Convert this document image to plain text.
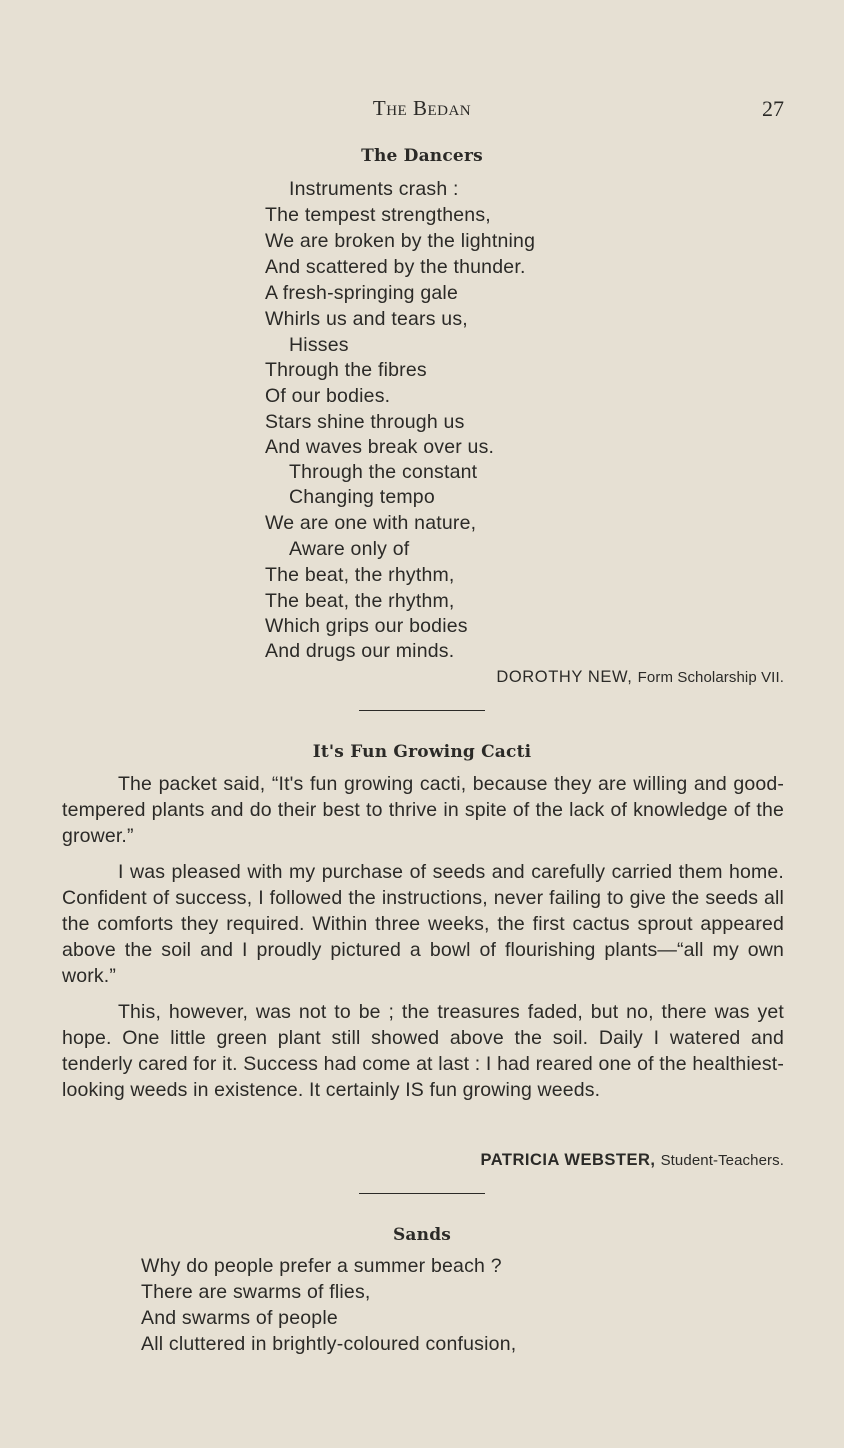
The Bedan	27
The Dancers
Instruments crash :
The tempest strengthens,
We are broken by the lightning
And scattered by the thunder.
A fresh-springing gale
Whirls us and tears us,
Hisses
Through the fibres
Of our bodies.
Stars shine through us
And waves break over us.
Through the constant
Changing tempo
We are one with nature,
Aware only of
The beat, the rhythm,
The beat, the rhythm,
Which grips our bodies
And drugs our minds.
DOROTHY NEW, Form Scholarship VII.
It's Fun Growing Cacti

The packet said, “It's fun growing cacti, because they are willing and good-tempered plants and do their best to thrive in spite of the lack of knowledge of the grower.”

I was pleased with my purchase of seeds and carefully carried them home. Confident of success, I followed the instructions, never failing to give the seeds all the comforts they required. Within three weeks, the first cactus sprout appeared above the soil and I proudly pictured a bowl of flourishing plants—“all my own work.”

This, however, was not to be ; the treasures faded, but no, there was yet hope. One little green plant still showed above the soil. Daily I watered and tenderly cared for it. Success had come at last : I had reared one of the healthiest-looking weeds in existence. It certainly IS fun growing weeds.

PATRICIA WEBSTER, Student-Teachers.
Sands
Why do people prefer a summer beach ?
There are swarms of flies,
And swarms of people
All cluttered in brightly-coloured confusion,
